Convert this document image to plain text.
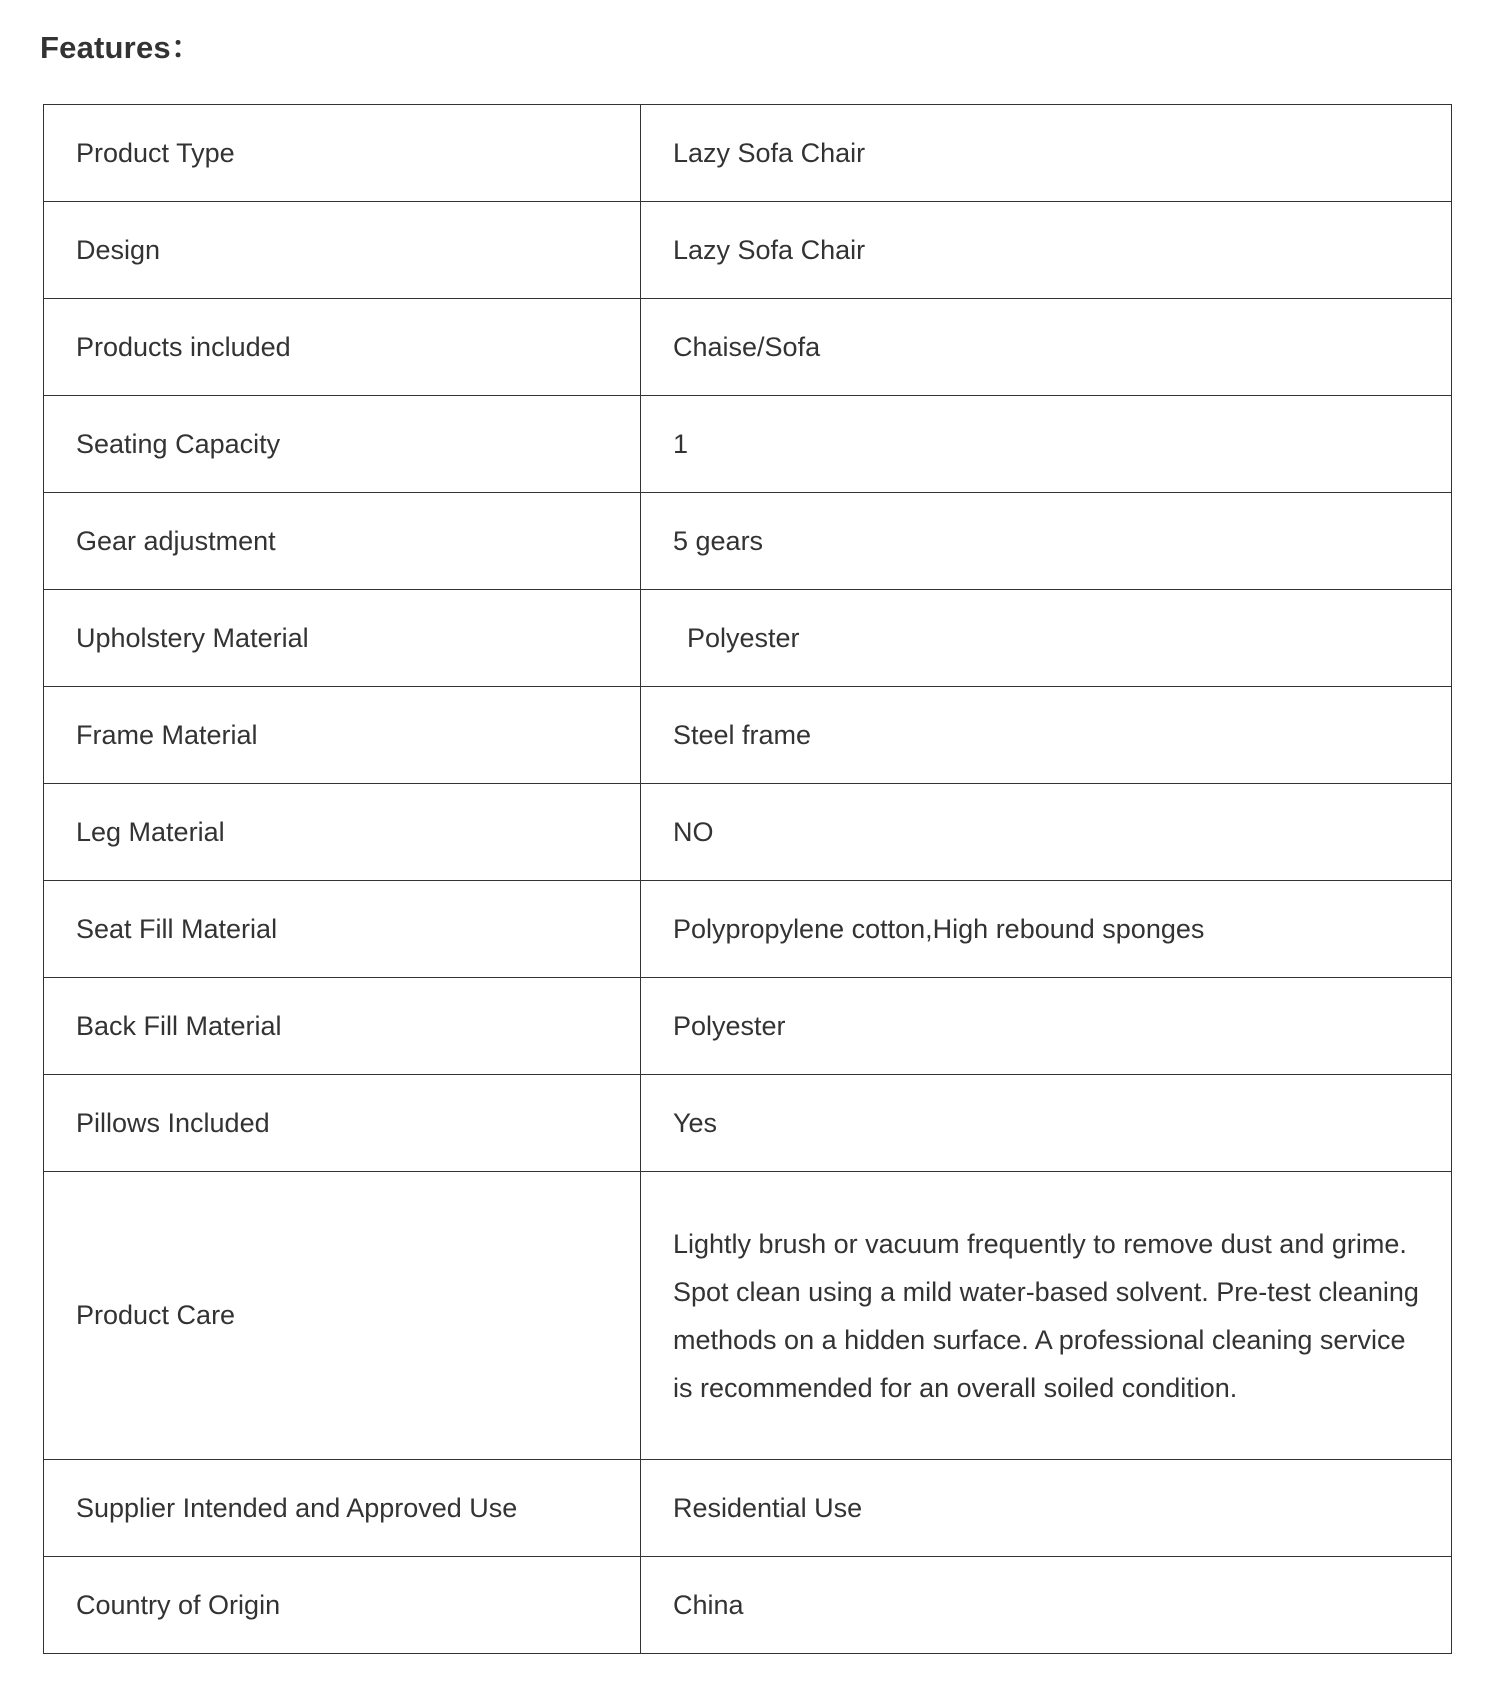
Features：
Product Type	Lazy Sofa Chair
Design	Lazy Sofa Chair
Products included	Chaise/Sofa
Seating Capacity	1
Gear adjustment	5 gears
Upholstery Material	Polyester
Frame Material	Steel frame
Leg Material	NO
Seat Fill Material	Polypropylene cotton,High rebound sponges
Back Fill Material	Polyester
Pillows Included	Yes
Product Care	Lightly brush or vacuum frequently to remove dust and grime. Spot clean using a mild water-based solvent. Pre-test cleaning methods on a hidden surface. A professional cleaning service is recommended for an overall soiled condition.
Supplier Intended and Approved Use	Residential Use
Country of Origin	China
